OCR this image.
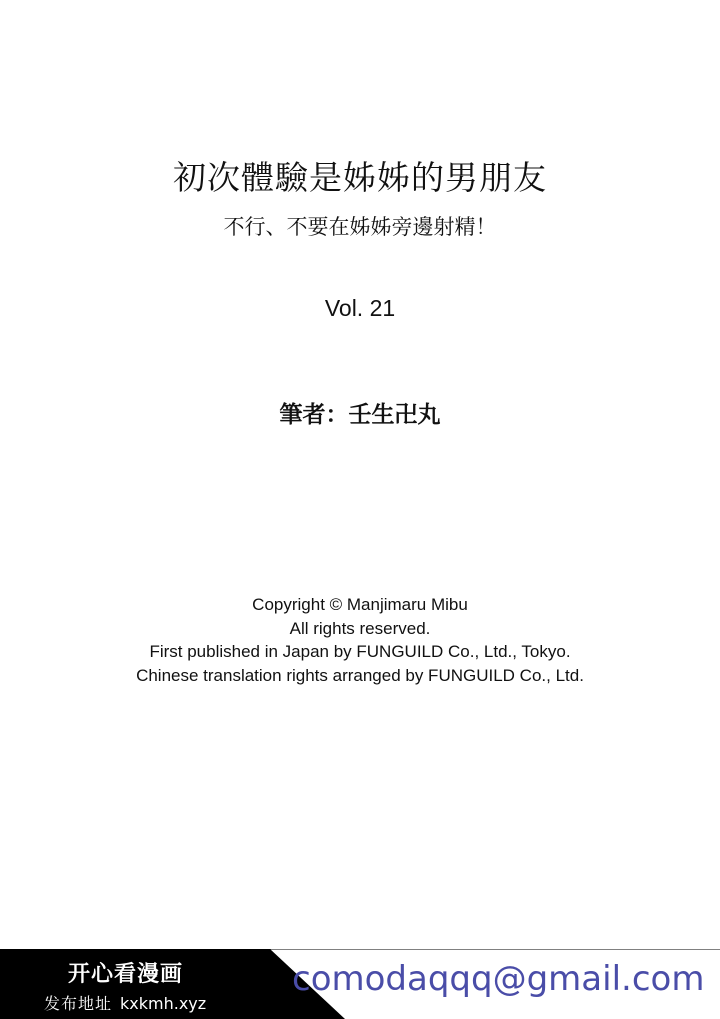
初次體驗是姊姊的男朋友
不行、不要在姊姊旁邊射精！
Vol. 21
筆者：壬生卍丸
Copyright © Manjimaru Mibu
All rights reserved.
First published in Japan by FUNGUILD Co., Ltd., Tokyo.
Chinese translation rights arranged by FUNGUILD Co., Ltd.
开心看漫画
发布地址 kxkmh.xyz
comodaqqq@gmail.com
